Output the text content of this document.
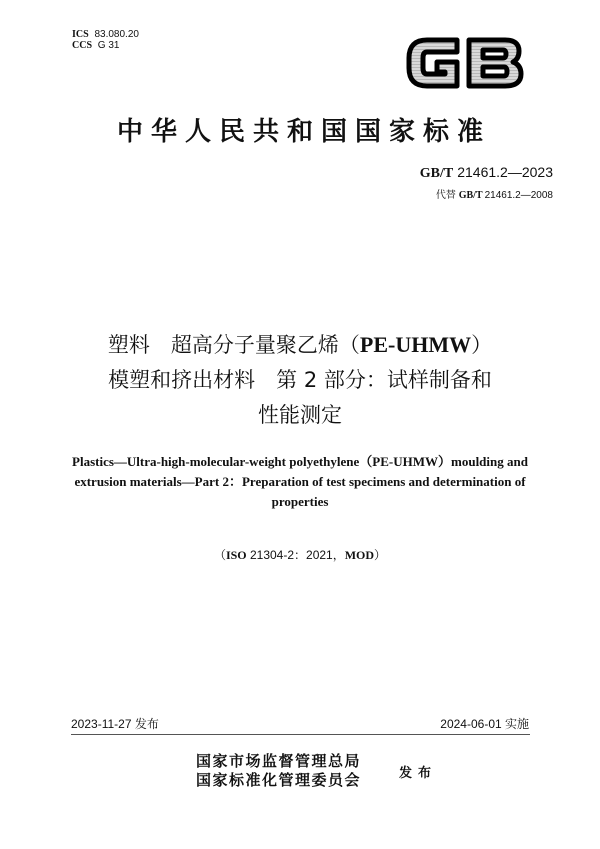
ICS 83.080.20
CCS G 31
中华人民共和国国家标准
GB/T 21461.2—2023
代替 GB/T 21461.2—2008
塑料　超高分子量聚乙烯（PE-UHMW）
模塑和挤出材料　第 2 部分：试样制备和
性能测定
Plastics—Ultra-high-molecular-weight polyethylene（PE-UHMW）moulding and
extrusion materials—Part 2：Preparation of test specimens and determination of
properties
（ISO 21304-2：2021，MOD）
2023-11-27 发布	2024-06-01 实施
国家市场监督管理总局
国家标准化管理委员会	发布
